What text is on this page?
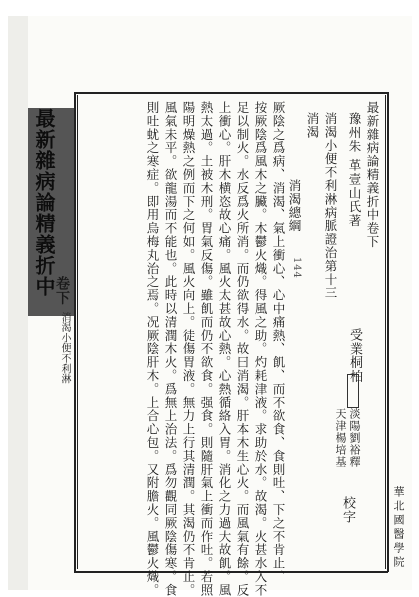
最新雜病論精義折中
卷下
消渴小便不利淋
最新雜病論精義折中卷下
豫州朱 革壹山氏著
消渴小便不利淋病脈證治第十三
消渴
消渴總綱
144
受業桐柏
淡陽劉裕釋
天津楊培基
校字
厥陰之爲病、消渴、氣上衝心、心中痛熱、飢、而不欲食、食則吐、下之不肯止、
按厥陰爲風木之臟。木鬱火熾。得風之助。灼耗津液。求助於水。故渴。火甚水入不
足以制火。水反爲火所消。而仍欲得水。故曰消渴。肝本木生心火。而風氣有餘。反
上衝心。肝木横恣故心痛。風火太甚故心熱。心熱循絡入胃。消化之力過大故飢。風
熱太過。土被木刑。胃氣反傷。雖飢而仍不欲食。强食。則隨肝氣上衝而作吐。若照
陽明燥熱之例而下之何如。風火向上。徒傷胃液。無力上行其清潤。其渴仍不肯止。
風氣未平。欲龍湯而不能也。此時以清潤木火。爲無上治法。爲勿觀同厥陰傷寒。食
則吐蚘之寒症。即用烏梅丸治之焉。况厥陰肝木。上合心包。又附膽火。風鬱火熾。	華北國醫學院
